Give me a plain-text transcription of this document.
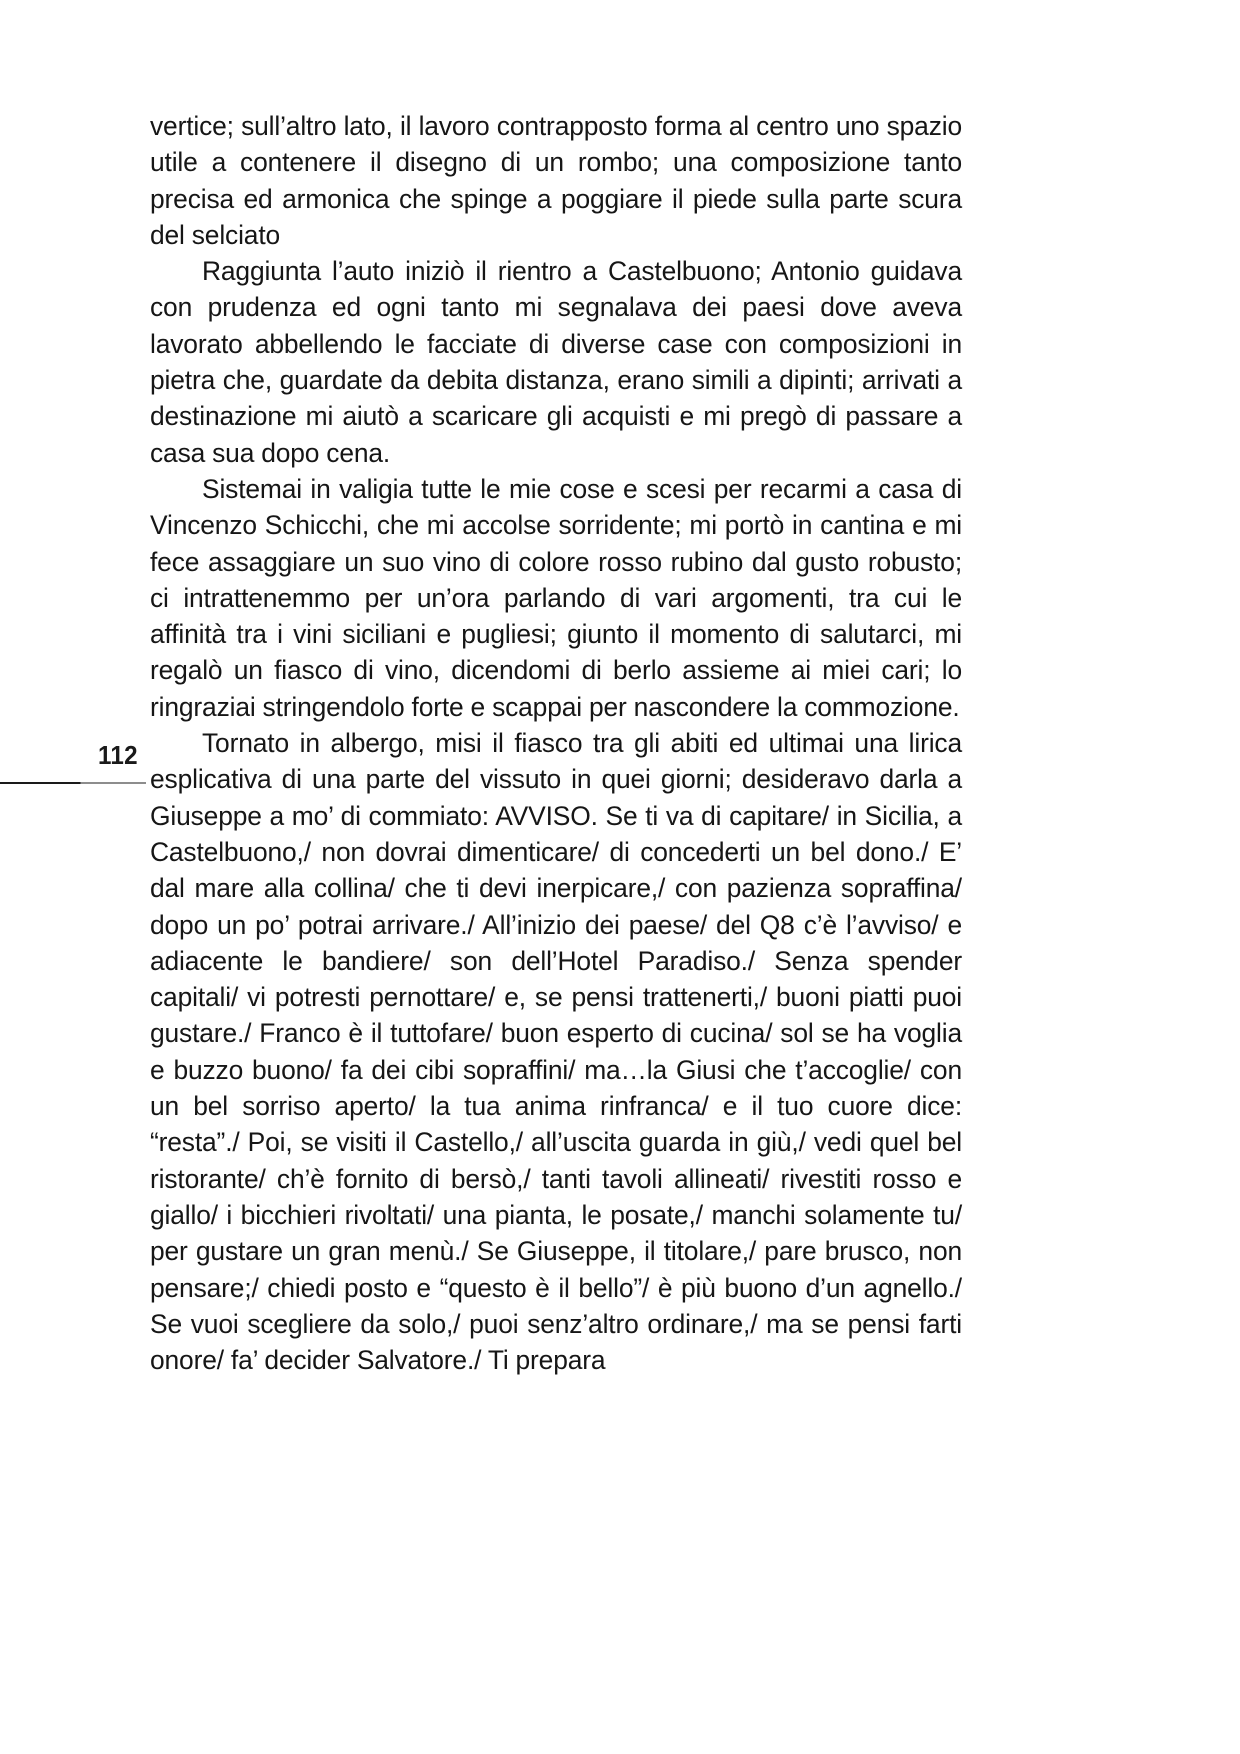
112

vertice; sull’altro lato, il lavoro contrapposto forma al centro uno spazio utile a contenere il disegno di un rombo; una composizione tanto precisa ed armonica che spinge a poggiare il piede sulla parte scura del selciato

Raggiunta l’auto iniziò il rientro a Castelbuono; Antonio guidava con prudenza ed ogni tanto mi segnalava dei paesi dove aveva lavorato abbellendo le facciate di diverse case con composizioni in pietra che, guardate da debita distanza, erano simili a dipinti; arrivati a destinazione mi aiutò a scaricare gli acquisti e mi pregò di passare a casa sua dopo cena.

Sistemai in valigia tutte le mie cose e scesi per recarmi a casa di Vincenzo Schicchi, che mi accolse sorridente; mi portò in cantina e mi fece assaggiare un suo vino di colore rosso rubino dal gusto robusto; ci intrattenemmo per un’ora parlando di vari argomenti, tra cui le affinità tra i vini siciliani e pugliesi; giunto il momento di salutarci, mi regalò un fiasco di vino, dicendomi di berlo assieme ai miei cari; lo ringraziai stringendolo forte e scappai per nascondere la commozione.

Tornato in albergo, misi il fiasco tra gli abiti ed ultimai una lirica esplicativa di una parte del vissuto in quei giorni; desideravo darla a Giuseppe a mo’ di commiato: AVVISO. Se ti va di capitare/ in Sicilia, a Castelbuono,/ non dovrai dimenticare/ di concederti un bel dono./ E’ dal mare alla collina/ che ti devi inerpicare,/ con pazienza sopraffina/ dopo un po’ potrai arrivare./ All’inizio dei paese/ del Q8 c’è l’avviso/ e adiacente le bandiere/ son dell’Hotel Paradiso./ Senza spender capitali/ vi potresti pernottare/ e, se pensi trattenerti,/ buoni piatti puoi gustare./ Franco è il tuttofare/ buon esperto di cucina/ sol se ha voglia e buzzo buono/ fa dei cibi sopraffini/ ma…la Giusi che t’accoglie/ con un bel sorriso aperto/ la tua anima rinfranca/ e il tuo cuore dice: “resta”./ Poi, se visiti il Castello,/ all’uscita guarda in giù,/ vedi quel bel ristorante/ ch’è fornito di bersò,/ tanti tavoli allineati/ rivestiti rosso e giallo/ i bicchieri rivoltati/ una pianta, le posate,/ manchi solamente tu/ per gustare un gran menù./ Se Giuseppe, il titolare,/ pare brusco, non pensare;/ chiedi posto e “questo è il bello”/ è più buono d’un agnello./ Se vuoi scegliere da solo,/ puoi senz’altro ordinare,/ ma se pensi farti onore/ fa’ decider Salvatore./ Ti prepara
